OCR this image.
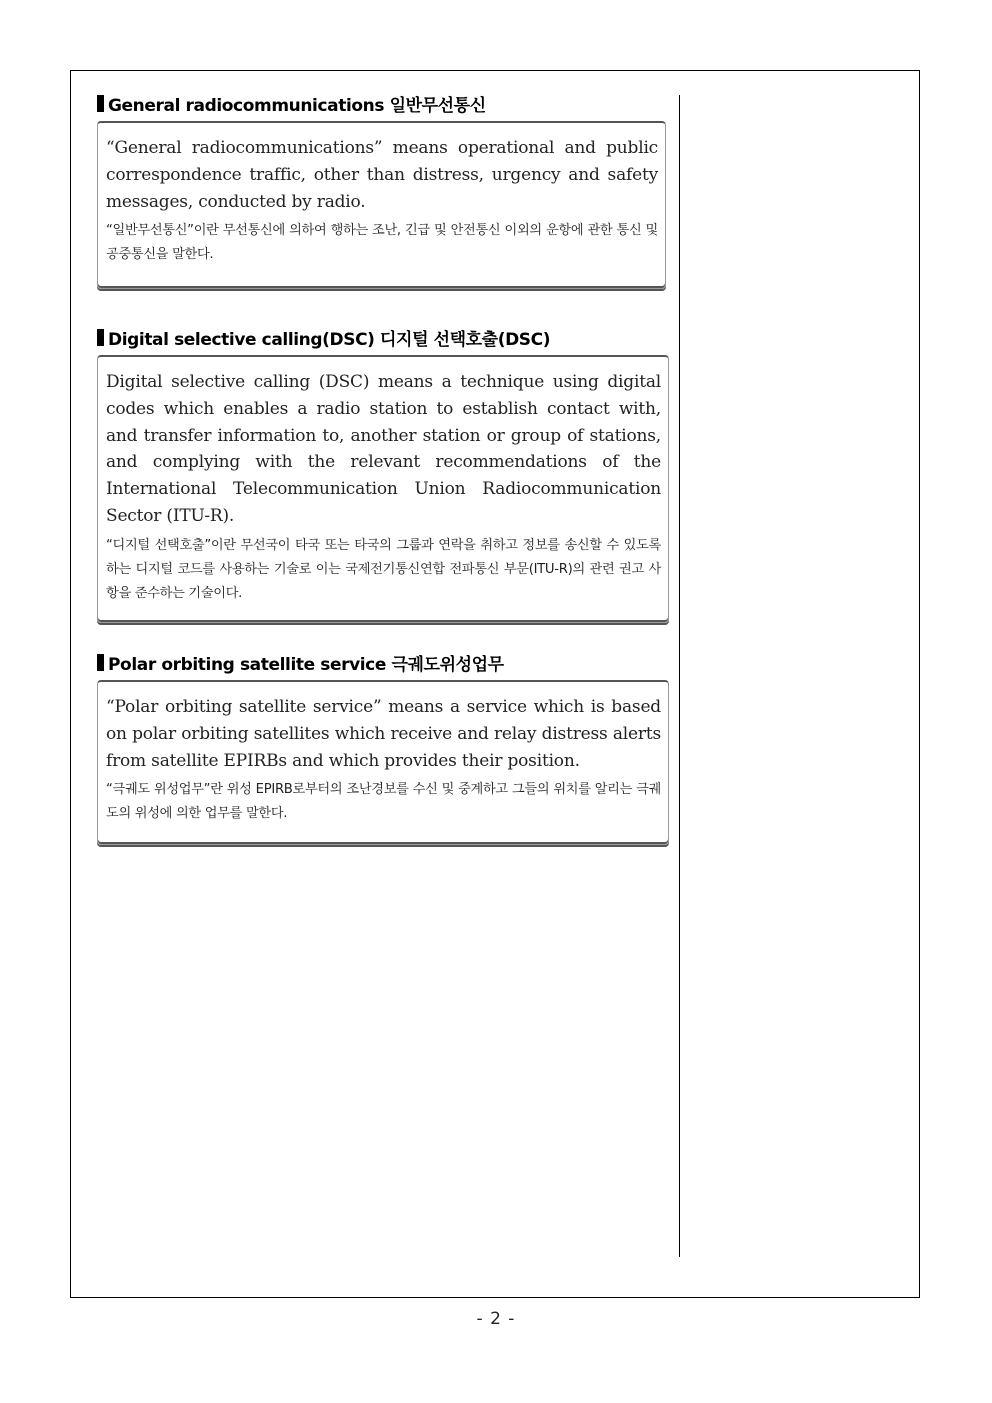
General radiocommunications 일반무선통신

“General radiocommunications” means operational and public correspondence traffic, other than distress, urgency and safety messages, conducted by radio.

“일반무선통신”이란 무선통신에 의하여 행하는 조난, 긴급 및 안전통신 이외의 운항에 관한 통신 및 공중통신을 말한다.

Digital selective calling(DSC) 디지털 선택호출(DSC)

Digital selective calling (DSC) means a technique using digital codes which enables a radio station to establish contact with, and transfer information to, another station or group of stations, and complying with the relevant recommendations of the International Telecommunication Union Radiocommunication Sector (ITU-R).

“디지털 선택호출”이란 무선국이 타국 또는 타국의 그룹과 연락을 취하고 정보를 송신할 수 있도록 하는 디지털 코드를 사용하는 기술로 이는 국제전기통신연합 전파통신 부문(ITU-R)의 관련 권고 사항을 준수하는 기술이다.

Polar orbiting satellite service 극궤도위성업무

“Polar orbiting satellite service” means a service which is based on polar orbiting satellites which receive and relay distress alerts from satellite EPIRBs and which provides their position.

“극궤도 위성업무”란 위성 EPIRB로부터의 조난경보를 수신 및 중계하고 그들의 위치를 알리는 극궤도의 위성에 의한 업무를 말한다.

- 2 -
